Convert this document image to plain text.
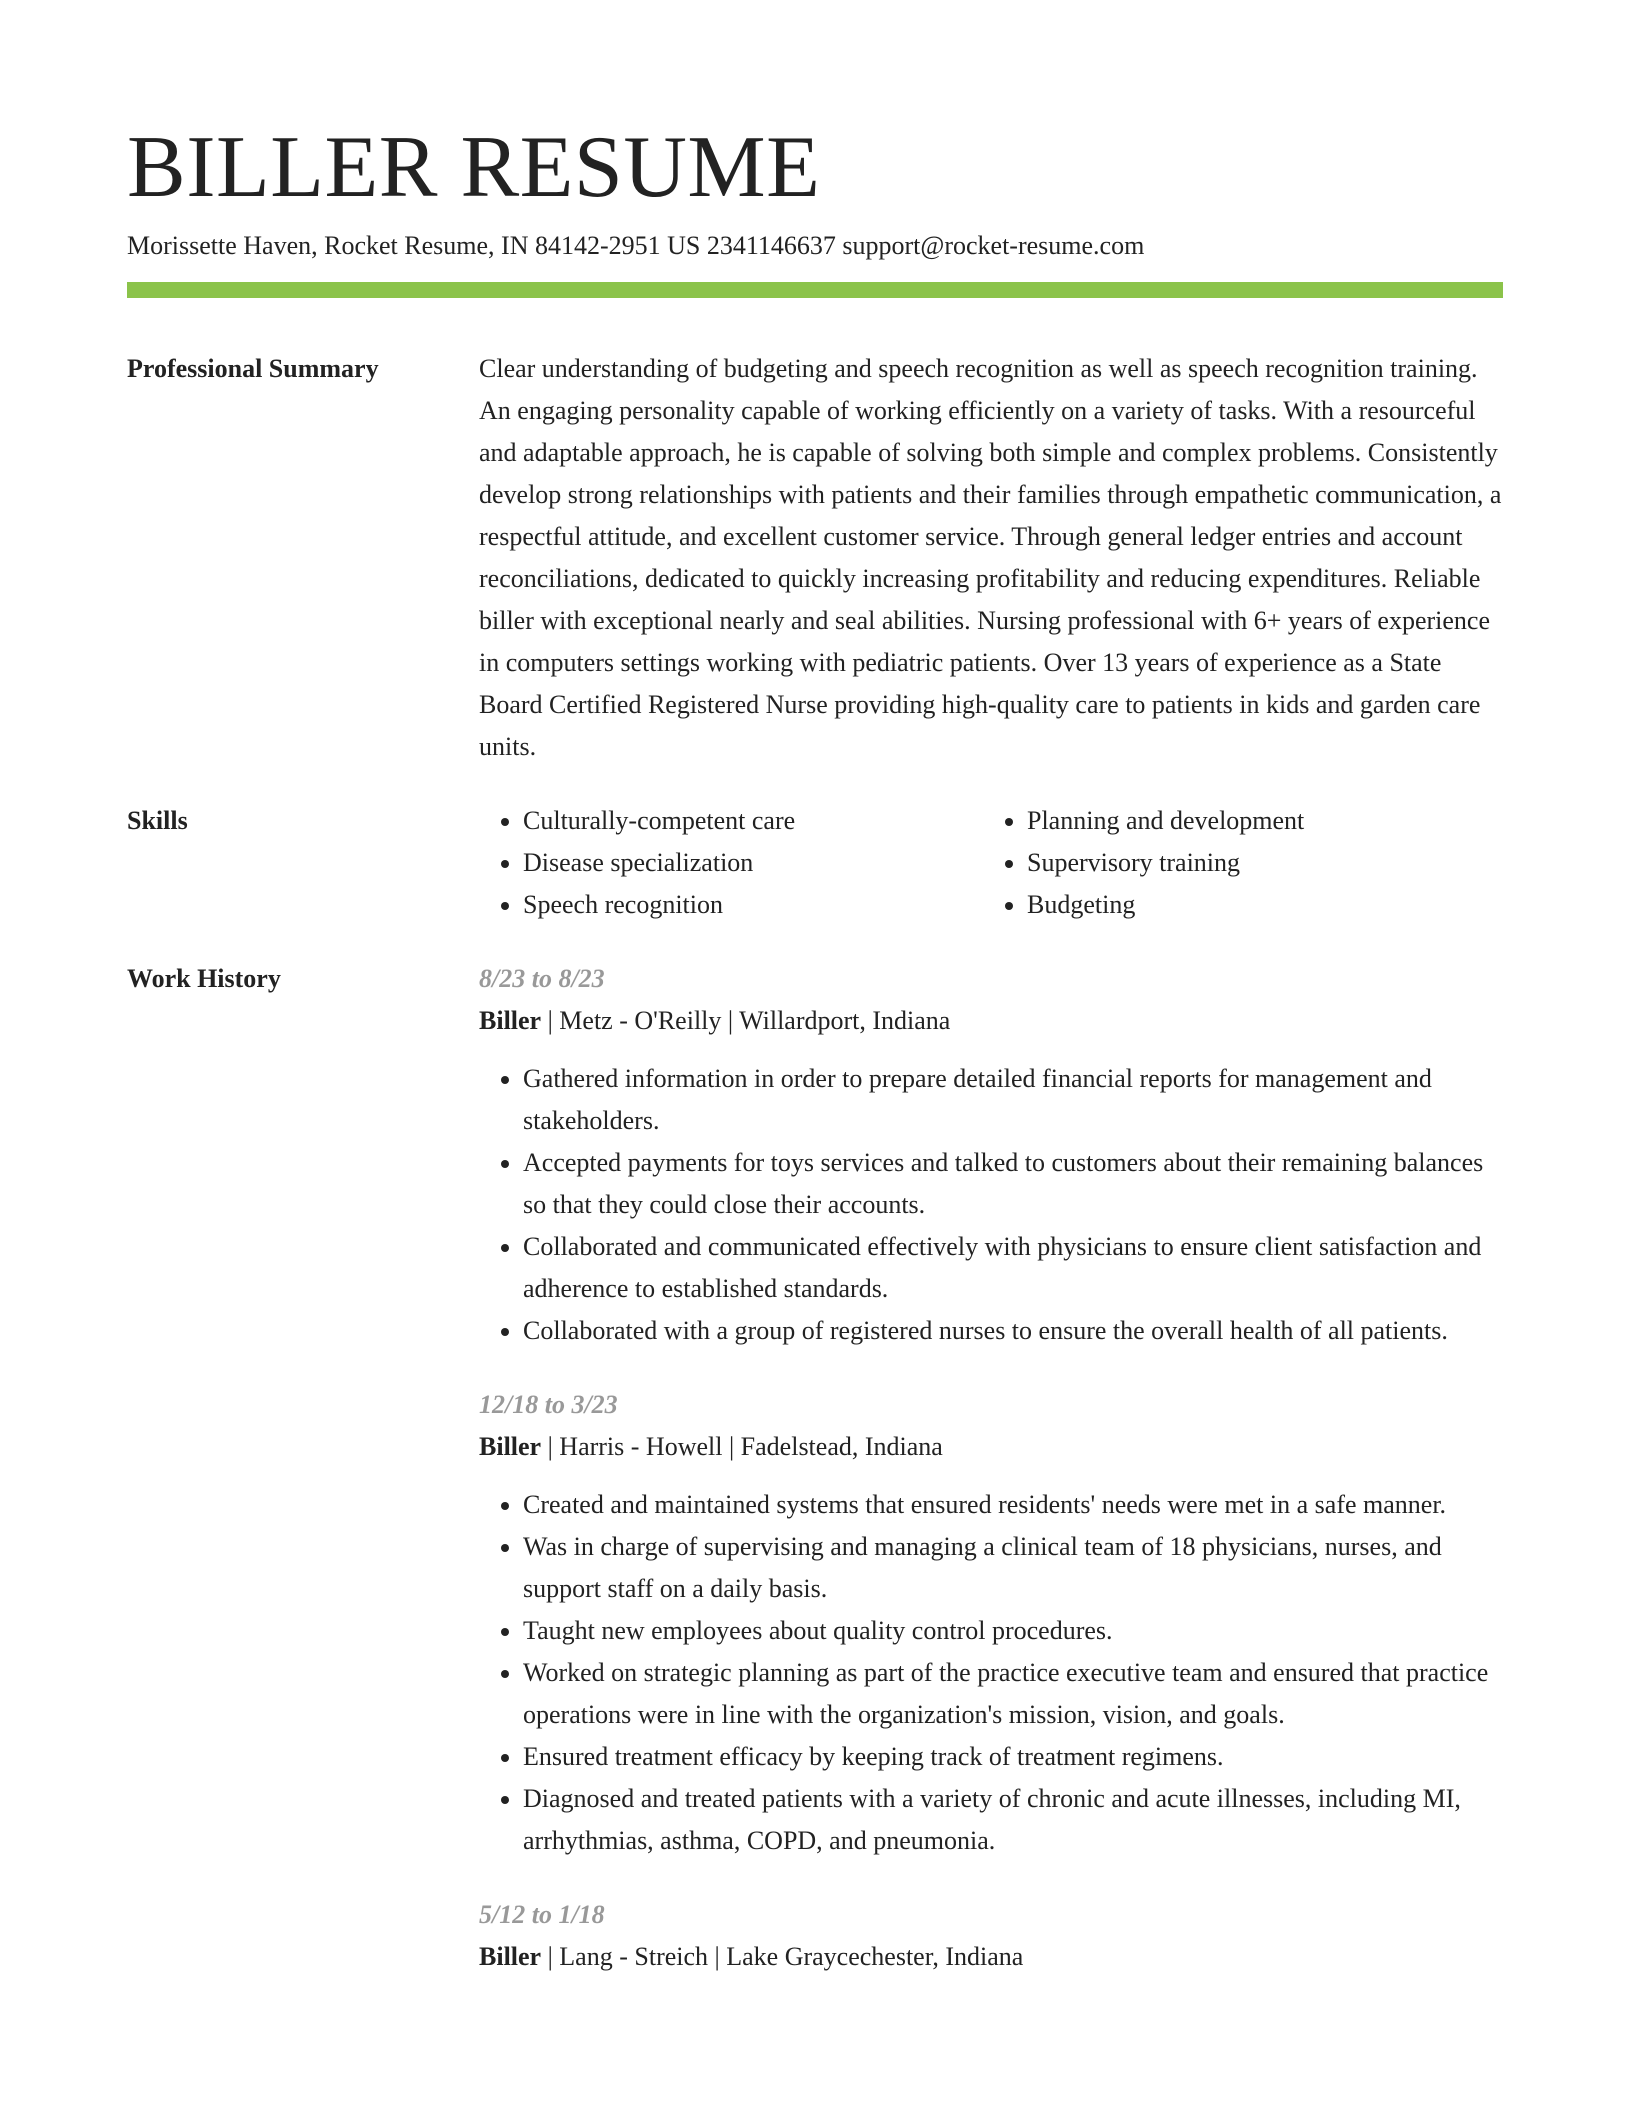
BILLER RESUME
Morissette Haven, Rocket Resume, IN 84142-2951 US 2341146637 support@rocket-resume.com
Professional Summary	Clear understanding of budgeting and speech recognition as well as speech recognition training. An engaging personality capable of working efficiently on a variety of tasks. With a resourceful and adaptable approach, he is capable of solving both simple and complex problems. Consistently develop strong relationships with patients and their families through empathetic communication, a respectful attitude, and excellent customer service. Through general ledger entries and account reconciliations, dedicated to quickly increasing profitability and reducing expenditures. Reliable biller with exceptional nearly and seal abilities. Nursing professional with 6+ years of experience in computers settings working with pediatric patients. Over 13 years of experience as a State Board Certified Registered Nurse providing high-quality care to patients in kids and garden care units.

Skills
•	Culturally-competent care
• Disease specialization
• Speech recognition
• Planning and development
• Supervisory training
• Budgeting
Work History	8/23 to 8/23
Biller | Metz - O'Reilly | Willardport, Indiana
• Gathered information in order to prepare detailed financial reports for management and stakeholders.
• Accepted payments for toys services and talked to customers about their remaining balances so that they could close their accounts.
• Collaborated and communicated effectively with physicians to ensure client satisfaction and adherence to established standards.
• Collaborated with a group of registered nurses to ensure the overall health of all patients.
12/18 to 3/23
Biller | Harris - Howell | Fadelstead, Indiana
• Created and maintained systems that ensured residents' needs were met in a safe manner.
• Was in charge of supervising and managing a clinical team of 18 physicians, nurses, and support staff on a daily basis.
• Taught new employees about quality control procedures.
• Worked on strategic planning as part of the practice executive team and ensured that practice operations were in line with the organization's mission, vision, and goals.
• Ensured treatment efficacy by keeping track of treatment regimens.
• Diagnosed and treated patients with a variety of chronic and acute illnesses, including MI, arrhythmias, asthma, COPD, and pneumonia.
5/12 to 1/18
Biller | Lang - Streich | Lake Graycechester, Indiana
